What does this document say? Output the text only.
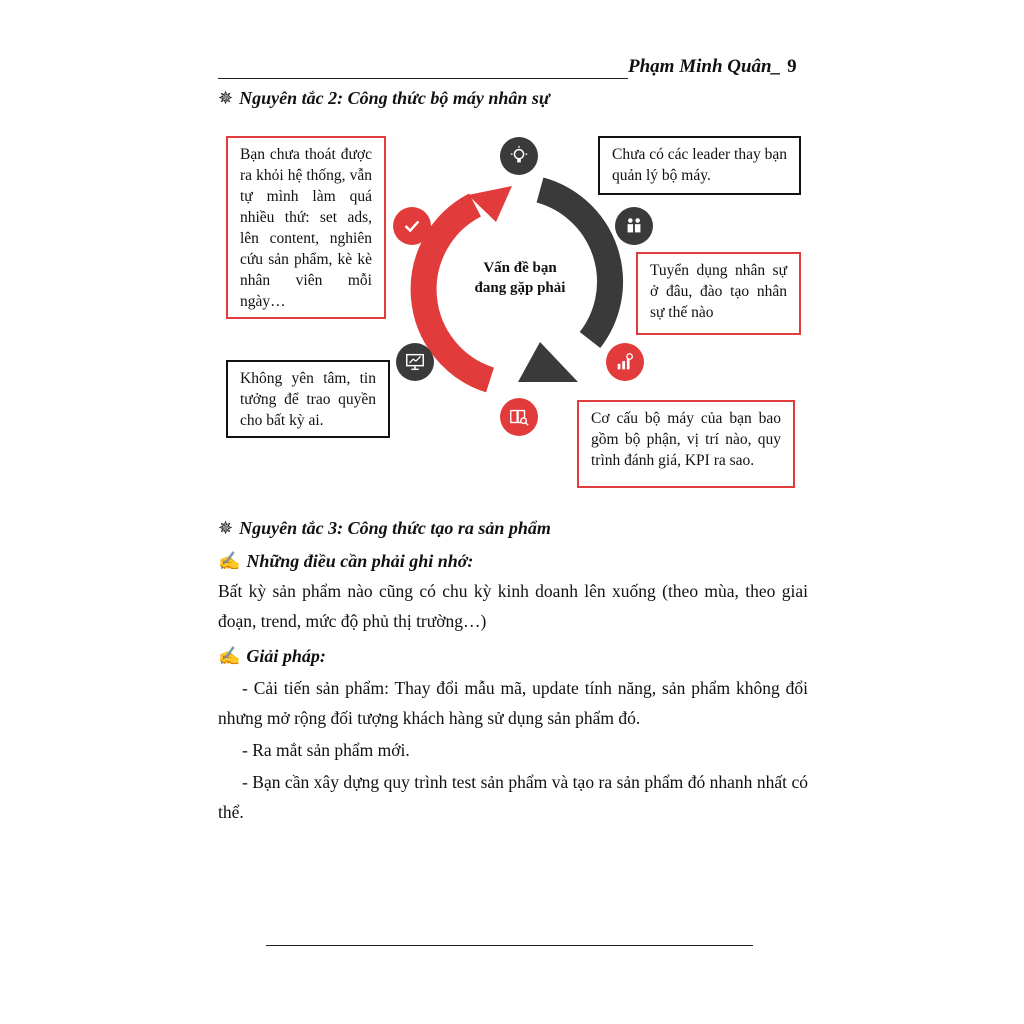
Phạm Minh Quân_ 9
✵ Nguyên tắc 2: Công thức bộ máy nhân sự
Vấn đề bạn đang gặp phải
Bạn chưa thoát được ra khỏi hệ thống, vẫn tự mình làm quá nhiều thứ: set ads, lên content, nghiên cứu sản phẩm, kè kè nhân viên mỗi ngày…
Chưa có các leader thay bạn quản lý bộ máy.
Tuyển dụng nhân sự ở đâu, đào tạo nhân sự thế nào
Không yên tâm, tin tưởng để trao quyền cho bất kỳ ai.	Cơ cấu bộ máy của bạn bao gồm bộ phận, vị trí nào, quy trình đánh giá, KPI ra sao.
✵ Nguyên tắc 3: Công thức tạo ra sản phẩm
✍ Những điều cần phải ghi nhớ:
Bất kỳ sản phẩm nào cũng có chu kỳ kinh doanh lên xuống (theo mùa, theo giai đoạn, trend, mức độ phủ thị trường…)
✍ Giải pháp:
- Cải tiến sản phẩm: Thay đổi mẫu mã, update tính năng, sản phẩm không đổi nhưng mở rộng đối tượng khách hàng sử dụng sản phẩm đó.
- Ra mắt sản phẩm mới.
- Bạn cần xây dựng quy trình test sản phẩm và tạo ra sản phẩm đó nhanh nhất có thể.
